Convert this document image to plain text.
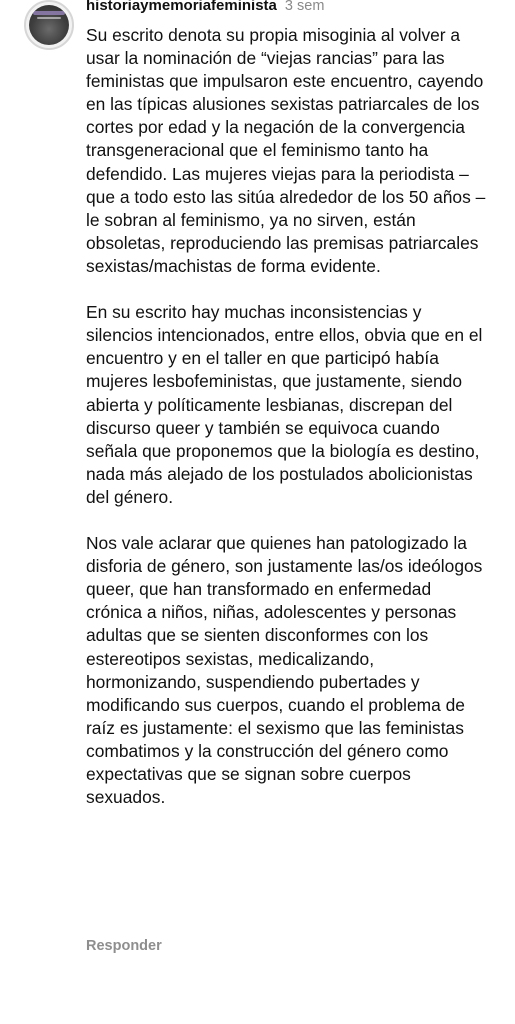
historiaymemoriafeminista 3 sem

Su escrito denota su propia misoginia al volver a usar la nominación de “viejas rancias” para las feministas que impulsaron este encuentro, cayendo en las típicas alusiones sexistas patriarcales de los cortes por edad y la negación de la convergencia transgeneracional que el feminismo tanto ha defendido. Las mujeres viejas para la periodista – que a todo esto las sitúa alrededor de los 50 años – le sobran al feminismo, ya no sirven, están obsoletas, reproduciendo las premisas patriarcales sexistas/machistas de forma evidente.

En su escrito hay muchas inconsistencias y silencios intencionados, entre ellos, obvia que en el encuentro y en el taller en que participó había mujeres lesbofeministas, que justamente, siendo abierta y políticamente lesbianas, discrepan del discurso queer y también se equivoca cuando señala que proponemos que la biología es destino, nada más alejado de los postulados abolicionistas del género.

Nos vale aclarar que quienes han patologizado la disforia de género, son justamente las/os ideólogos queer, que han transformado en enfermedad crónica a niños, niñas, adolescentes y personas adultas que se sienten disconformes con los estereotipos sexistas, medicalizando, hormonizando, suspendiendo pubertades y modificando sus cuerpos, cuando el problema de raíz es justamente: el sexismo que las feministas combatimos y la construcción del género como expectativas que se signan sobre cuerpos sexuados.

Responder
